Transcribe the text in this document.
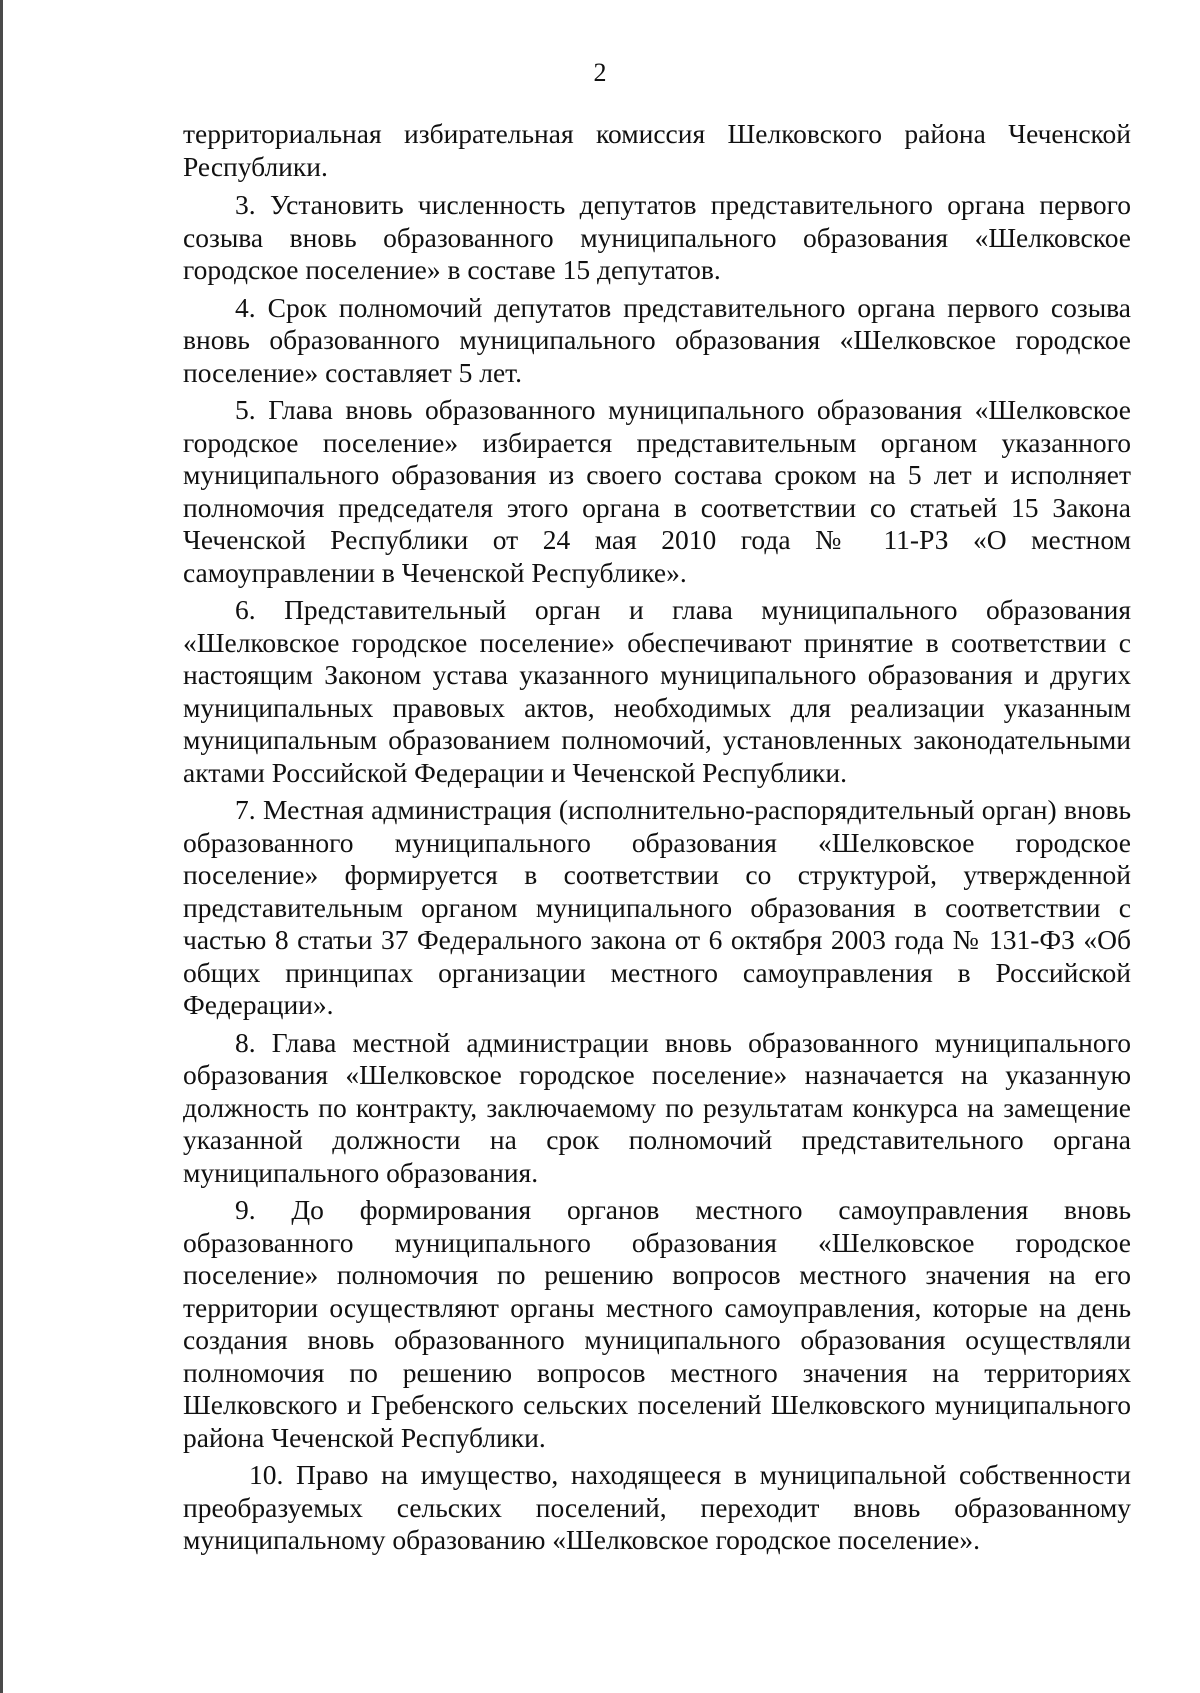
2

территориальная избирательная комиссия Шелковского района Чеченской Республики.

3. Установить численность депутатов представительного органа первого созыва вновь образованного муниципального образования «Шелковское городское поселение» в составе 15 депутатов.

4. Срок полномочий депутатов представительного органа первого созыва вновь образованного муниципального образования «Шелковское городское поселение» составляет 5 лет.

5. Глава вновь образованного муниципального образования «Шелковское городское поселение» избирается представительным органом указанного муниципального образования из своего состава сроком на 5 лет и исполняет полномочия председателя этого органа в соответствии со статьей 15 Закона Чеченской Республики от 24 мая 2010 года № 11-РЗ «О местном самоуправлении в Чеченской Республике».

6. Представительный орган и глава муниципального образования «Шелковское городское поселение» обеспечивают принятие в соответствии с настоящим Законом устава указанного муниципального образования и других муниципальных правовых актов, необходимых для реализации указанным муниципальным образованием полномочий, установленных законодательными актами Российской Федерации и Чеченской Республики.

7. Местная администрация (исполнительно-распорядительный орган) вновь образованного муниципального образования «Шелковское городское поселение» формируется в соответствии со структурой, утвержденной представительным органом муниципального образования в соответствии с частью 8 статьи 37 Федерального закона от 6 октября 2003 года № 131-ФЗ «Об общих принципах организации местного самоуправления в Российской Федерации».

8. Глава местной администрации вновь образованного муниципального образования «Шелковское городское поселение» назначается на указанную должность по контракту, заключаемому по результатам конкурса на замещение указанной должности на срок полномочий представительного органа муниципального образования.

9. До формирования органов местного самоуправления вновь образованного муниципального образования «Шелковское городское поселение» полномочия по решению вопросов местного значения на его территории осуществляют органы местного самоуправления, которые на день создания вновь образованного муниципального образования осуществляли полномочия по решению вопросов местного значения на территориях Шелковского и Гребенского сельских поселений Шелковского муниципального района Чеченской Республики.

10. Право на имущество, находящееся в муниципальной собственности преобразуемых сельских поселений, переходит вновь образованному муниципальному образованию «Шелковское городское поселение».
